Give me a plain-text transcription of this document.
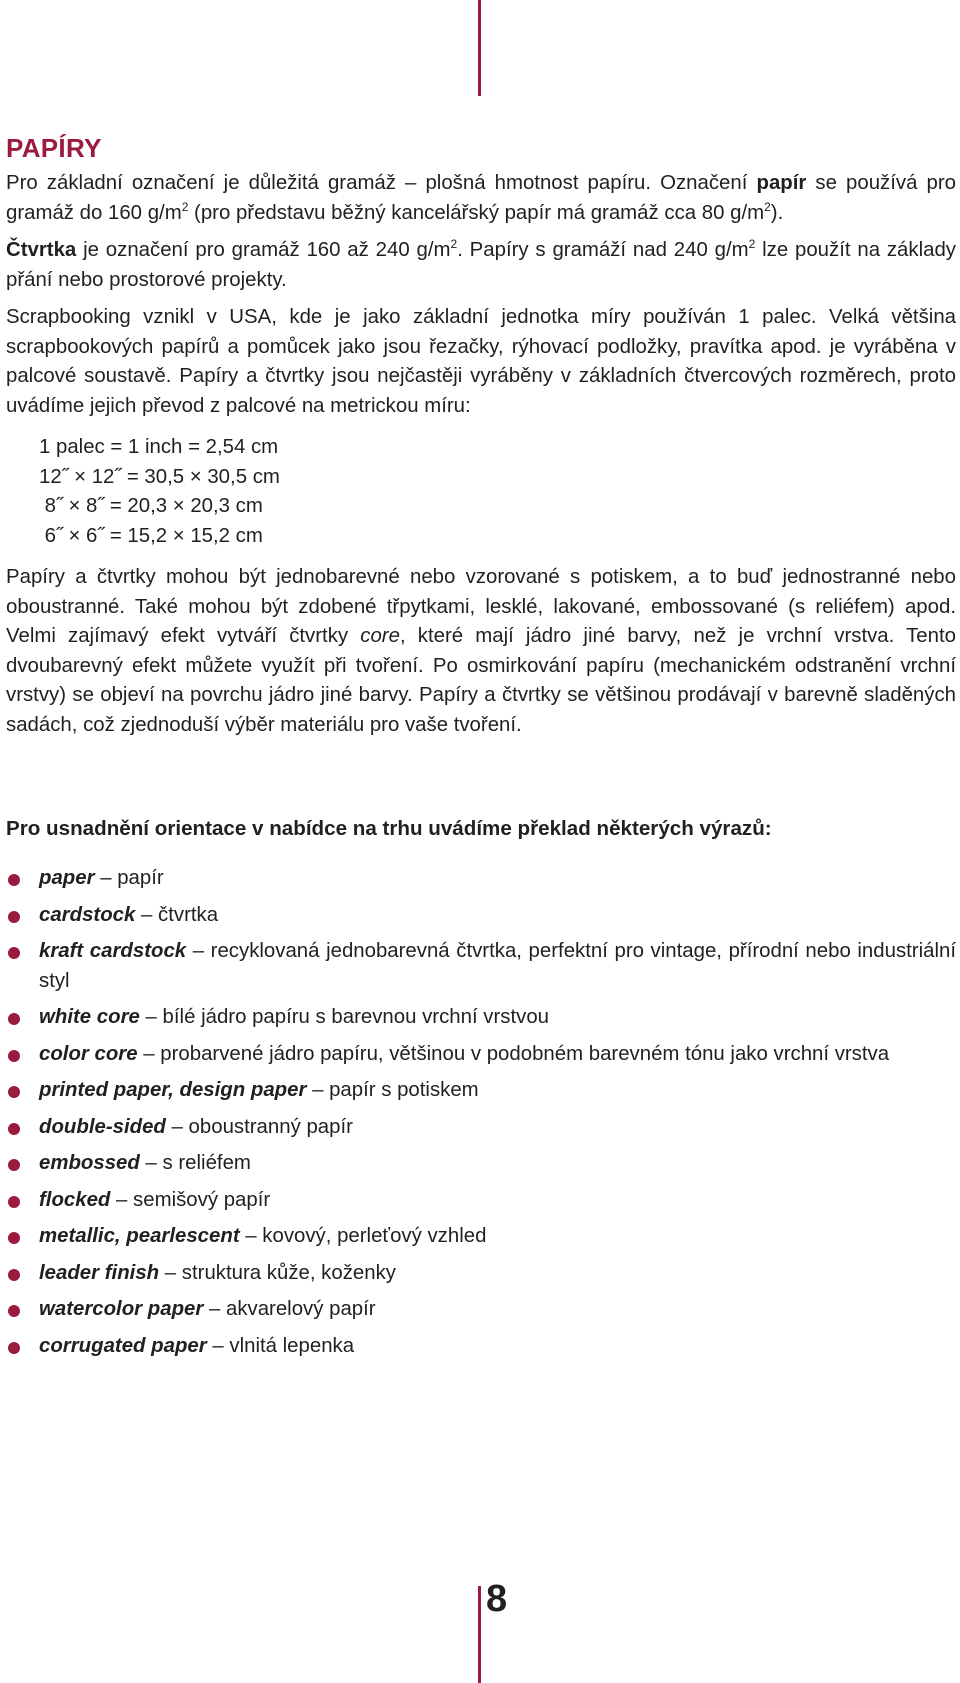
PAPÍRY

Pro základní označení je důležitá gramáž – plošná hmotnost papíru. Označení papír se používá pro gramáž do 160 $g/m^2$ (pro představu běžný kancelářský papír má gramáž cca 80 $g/m^2$).

Čtvrtka je označení pro gramáž 160 až 240 $g/m^2$. Papíry s gramáží nad 240 $g/m^2$ lze použít na základy přání nebo prostorové projekty.

Scrapbooking vznikl v USA, kde je jako základní jednotka míry používán 1 palec. Velká většina scrapbookových papírů a pomůcek jako jsou řezačky, rýhovací podložky, pravítka apod. je vyráběna v palcové soustavě. Papíry a čtvrtky jsou nejčastěji vyráběny v základních čtvercových rozměrech, proto uvádíme jejich převod z palcové na metrickou míru:

1 palec = 1 inch = 2,54 cm
12˝ × 12˝ = 30,5 × 30,5 cm
8˝ × 8˝ = 20,3 × 20,3 cm
6˝ × 6˝ = 15,2 × 15,2 cm

Papíry a čtvrtky mohou být jednobarevné nebo vzorované s potiskem, a to buď jednostranné nebo oboustranné. Také mohou být zdobené třpytkami, lesklé, lakované, embossované (s reliéfem) apod. Velmi zajímavý efekt vytváří čtvrtky core, které mají jádro jiné barvy, než je vrchní vrstva. Tento dvoubarevný efekt můžete využít při tvoření. Po osmirkování papíru (mechanickém odstranění vrchní vrstvy) se objeví na povrchu jádro jiné barvy. Papíry a čtvrtky se většinou prodávají v barevně sladěných sadách, což zjednoduší výběr materiálu pro vaše tvoření.

Pro usnadnění orientace v nabídce na trhu uvádíme překlad některých výrazů:
paper – papír
cardstock – čtvrtka
kraft cardstock – recyklovaná jednobarevná čtvrtka, perfektní pro vintage, přírodní nebo industriální styl
white core – bílé jádro papíru s barevnou vrchní vrstvou
color core – probarvené jádro papíru, většinou v podobném barevném tónu jako vrchní vrstva
printed paper, design paper – papír s potiskem
double-sided – oboustranný papír
embossed – s reliéfem
flocked – semišový papír
metallic, pearlescent – kovový, perleťový vzhled
leader finish – struktura kůže, koženky
watercolor paper – akvarelový papír
corrugated paper – vlnitá lepenka
8
